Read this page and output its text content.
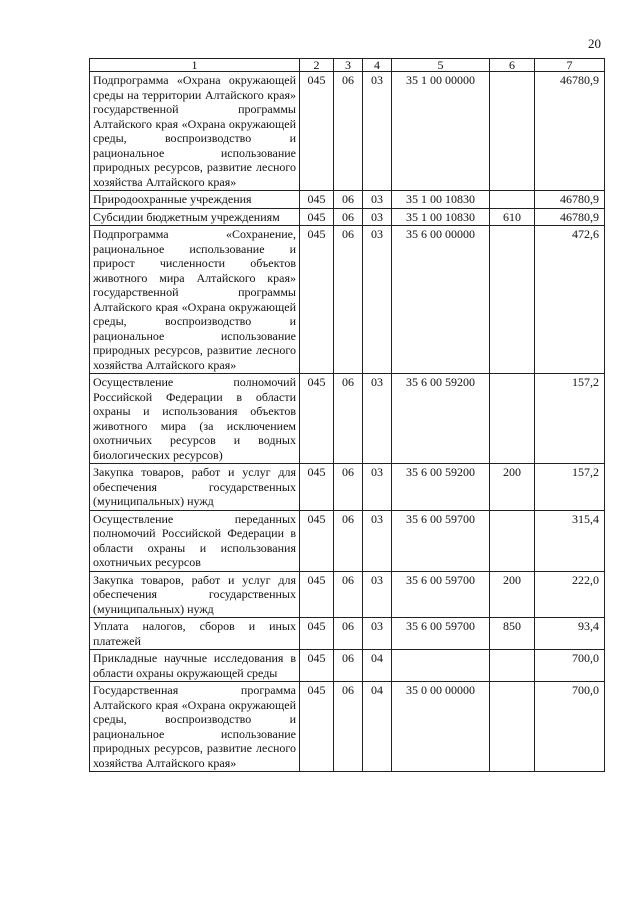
20
1	2	3	4	5	6	7
Подпрограмма «Охрана окружающей среды на территории Алтайского края» государственной программы Алтайского края «Охрана окружающей среды, воспроизводство и рациональное использование природных ресурсов, развитие лесного хозяйства Алтайского края»	045	06	03	35 1 00 00000		46780,9
Природоохранные учреждения	045	06	03	35 1 00 10830		46780,9
Субсидии бюджетным учреждениям	045	06	03	35 1 00 10830	610	46780,9
Подпрограмма «Сохранение, рациональное использование и прирост численности объектов животного мира Алтайского края» государственной программы Алтайского края «Охрана окружающей среды, воспроизводство и рациональное использование природных ресурсов, развитие лесного хозяйства Алтайского края»	045	06	03	35 6 00 00000		472,6
Осуществление полномочий Российской Федерации в области охраны и использования объектов животного мира (за исключением охотничьих ресурсов и водных биологических ресурсов)	045	06	03	35 6 00 59200		157,2
Закупка товаров, работ и услуг для обеспечения государственных (муниципальных) нужд	045	06	03	35 6 00 59200	200	157,2
Осуществление переданных полномочий Российской Федерации в области охраны и использования охотничьих ресурсов	045	06	03	35 6 00 59700		315,4
Закупка товаров, работ и услуг для обеспечения государственных (муниципальных) нужд	045	06	03	35 6 00 59700	200	222,0
Уплата налогов, сборов и иных платежей	045	06	03	35 6 00 59700	850	93,4
Прикладные научные исследования в области охраны окружающей среды	045	06	04			700,0
Государственная программа Алтайского края «Охрана окружающей среды, воспроизводство и рациональное использование природных ресурсов, развитие лесного хозяйства Алтайского края»	045	06	04	35 0 00 00000		700,0
